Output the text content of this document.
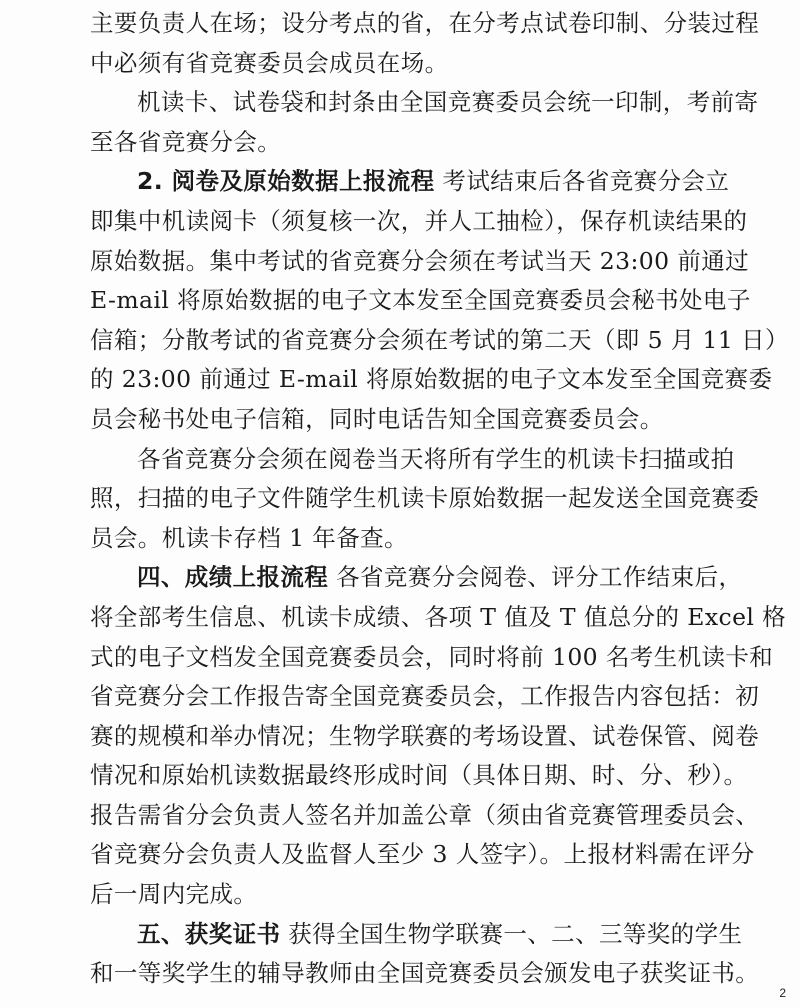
主要负责人在场；设分考点的省，在分考点试卷印制、分装过程
中必须有省竞赛委员会成员在场。
机读卡、试卷袋和封条由全国竞赛委员会统一印制，考前寄
至各省竞赛分会。
2. 阅卷及原始数据上报流程 考试结束后各省竞赛分会立
即集中机读阅卡（须复核一次，并人工抽检），保存机读结果的
原始数据。集中考试的省竞赛分会须在考试当天 23:00 前通过
E-mail 将原始数据的电子文本发至全国竞赛委员会秘书处电子
信箱；分散考试的省竞赛分会须在考试的第二天（即 5 月 11 日）
的 23:00 前通过 E-mail 将原始数据的电子文本发至全国竞赛委
员会秘书处电子信箱，同时电话告知全国竞赛委员会。
各省竞赛分会须在阅卷当天将所有学生的机读卡扫描或拍
照，扫描的电子文件随学生机读卡原始数据一起发送全国竞赛委
员会。机读卡存档 1 年备查。
四、成绩上报流程 各省竞赛分会阅卷、评分工作结束后，
将全部考生信息、机读卡成绩、各项 T 值及 T 值总分的 Excel 格
式的电子文档发全国竞赛委员会，同时将前 100 名考生机读卡和
省竞赛分会工作报告寄全国竞赛委员会，工作报告内容包括：初
赛的规模和举办情况；生物学联赛的考场设置、试卷保管、阅卷
情况和原始机读数据最终形成时间（具体日期、时、分、秒）。
报告需省分会负责人签名并加盖公章（须由省竞赛管理委员会、
省竞赛分会负责人及监督人至少 3 人签字）。上报材料需在评分
后一周内完成。
五、获奖证书 获得全国生物学联赛一、二、三等奖的学生
和一等奖学生的辅导教师由全国竞赛委员会颁发电子获奖证书。
2
